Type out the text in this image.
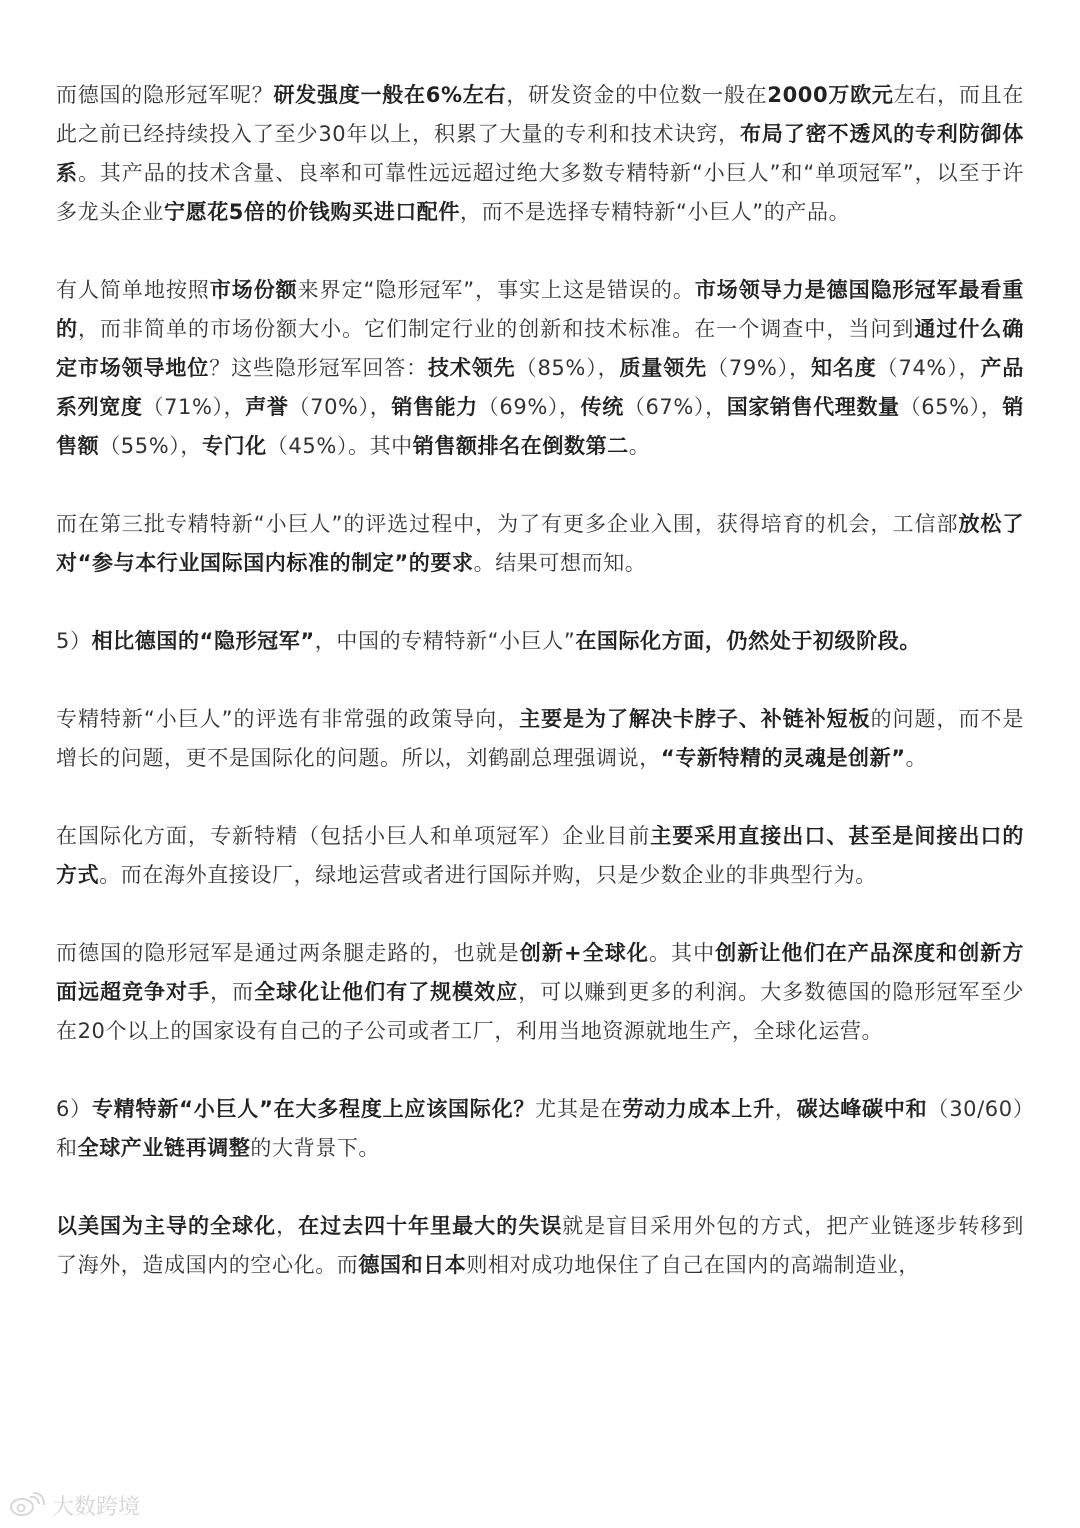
而德国的隐形冠军呢？研发强度一般在6%左右，研发资金的中位数一般在2000万欧元左右，而且在此之前已经持续投入了至少30年以上，积累了大量的专利和技术诀窍，布局了密不透风的专利防御体系。其产品的技术含量、良率和可靠性远远超过绝大多数专精特新“小巨人”和“单项冠军”，以至于许多龙头企业宁愿花5倍的价钱购买进口配件，而不是选择专精特新“小巨人”的产品。

有人简单地按照市场份额来界定“隐形冠军”，事实上这是错误的。市场领导力是德国隐形冠军最看重的，而非简单的市场份额大小。它们制定行业的创新和技术标准。在一个调查中，当问到通过什么确定市场领导地位？这些隐形冠军回答：技术领先（85%），质量领先（79%），知名度（74%），产品系列宽度（71%），声誉（70%），销售能力（69%），传统（67%），国家销售代理数量（65%），销售额（55%），专门化（45%）。其中销售额排名在倒数第二。

而在第三批专精特新“小巨人”的评选过程中，为了有更多企业入围，获得培育的机会，工信部放松了对“参与本行业国际国内标准的制定”的要求。结果可想而知。

5）相比德国的“隐形冠军”，中国的专精特新“小巨人”在国际化方面，仍然处于初级阶段。

专精特新“小巨人”的评选有非常强的政策导向，主要是为了解决卡脖子、补链补短板的问题，而不是增长的问题，更不是国际化的问题。所以，刘鹤副总理强调说，“专新特精的灵魂是创新”。

在国际化方面，专新特精（包括小巨人和单项冠军）企业目前主要采用直接出口、甚至是间接出口的方式。而在海外直接设厂，绿地运营或者进行国际并购，只是少数企业的非典型行为。

而德国的隐形冠军是通过两条腿走路的，也就是创新+全球化。其中创新让他们在产品深度和创新方面远超竞争对手，而全球化让他们有了规模效应，可以赚到更多的利润。大多数德国的隐形冠军至少在20个以上的国家设有自己的子公司或者工厂，利用当地资源就地生产，全球化运营。

6）专精特新“小巨人”在大多程度上应该国际化？尤其是在劳动力成本上升，碳达峰碳中和（30/60）和全球产业链再调整的大背景下。

以美国为主导的全球化，在过去四十年里最大的失误就是盲目采用外包的方式，把产业链逐步转移到了海外，造成国内的空心化。而德国和日本则相对成功地保住了自己在国内的高端制造业，

大数跨境
